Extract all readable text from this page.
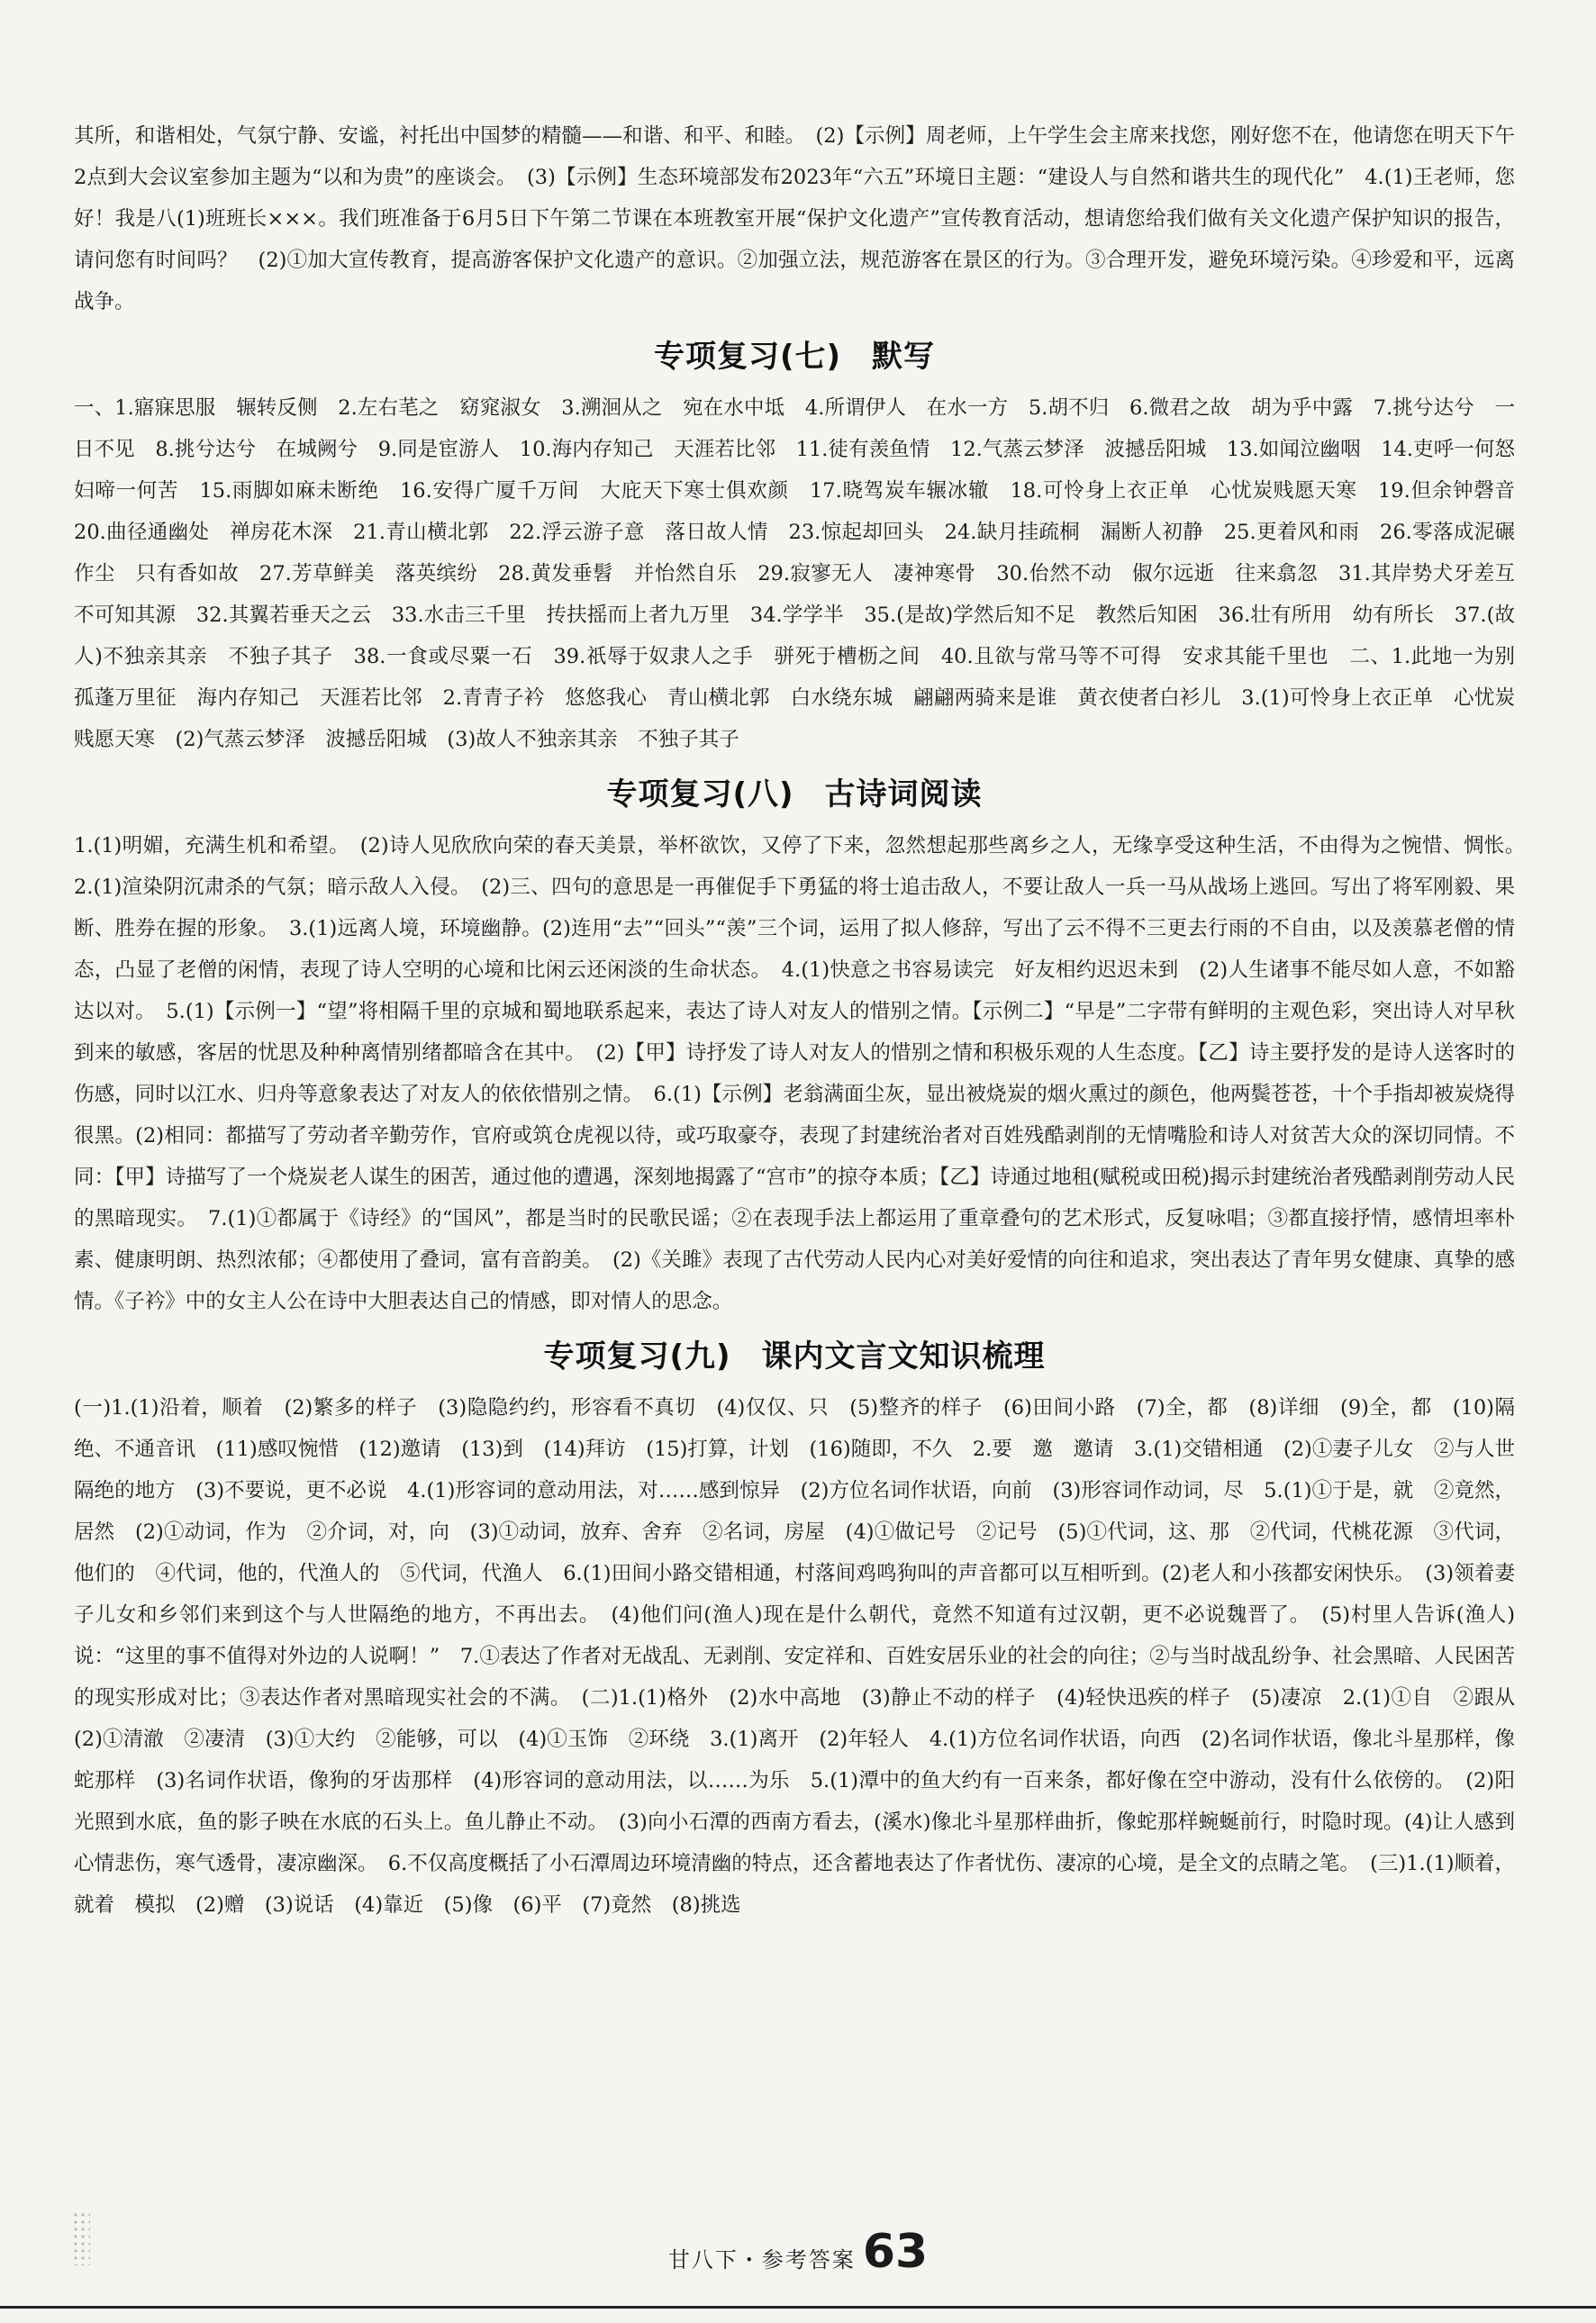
其所，和谐相处，气氛宁静、安谧，衬托出中国梦的精髓——和谐、和平、和睦。　(2)【示例】周老师，上午学生会主席来找您，刚好您不在，他请您在明天下午2点到大会议室参加主题为“以和为贵”的座谈会。　(3)【示例】生态环境部发布2023年“六五”环境日主题：“建设人与自然和谐共生的现代化”　4.(1)王老师，您好！我是八(1)班班长×××。我们班准备于6月5日下午第二节课在本班教室开展“保护文化遗产”宣传教育活动，想请您给我们做有关文化遗产保护知识的报告，请问您有时间吗？　(2)①加大宣传教育，提高游客保护文化遗产的意识。②加强立法，规范游客在景区的行为。③合理开发，避免环境污染。④珍爱和平，远离战争。

专项复习(七) 默写

一、1.寤寐思服　辗转反侧　2.左右芼之　窈窕淑女　3.溯洄从之　宛在水中坻　4.所谓伊人　在水一方　5.胡不归　6.微君之故　胡为乎中露　7.挑兮达兮　一日不见　8.挑兮达兮　在城阙兮　9.同是宦游人　10.海内存知己　天涯若比邻　11.徒有羡鱼情　12.气蒸云梦泽　波撼岳阳城　13.如闻泣幽咽　14.吏呼一何怒　妇啼一何苦　15.雨脚如麻未断绝　16.安得广厦千万间　大庇天下寒士俱欢颜　17.晓驾炭车辗冰辙　18.可怜身上衣正单　心忧炭贱愿天寒　19.但余钟磬音　20.曲径通幽处　禅房花木深　21.青山横北郭　22.浮云游子意　落日故人情　23.惊起却回头　24.缺月挂疏桐　漏断人初静　25.更着风和雨　26.零落成泥碾作尘　只有香如故　27.芳草鲜美　落英缤纷　28.黄发垂髫　并怡然自乐　29.寂寥无人　凄神寒骨　30.佁然不动　俶尔远逝　往来翕忽　31.其岸势犬牙差互　不可知其源　32.其翼若垂天之云　33.水击三千里　抟扶摇而上者九万里　34.学学半　35.(是故)学然后知不足　教然后知困　36.壮有所用　幼有所长　37.(故人)不独亲其亲　不独子其子　38.一食或尽粟一石　39.祇辱于奴隶人之手　骈死于槽枥之间　40.且欲与常马等不可得　安求其能千里也　二、1.此地一为别　孤蓬万里征　海内存知己　天涯若比邻　2.青青子衿　悠悠我心　青山横北郭　白水绕东城　翩翩两骑来是谁　黄衣使者白衫儿　3.(1)可怜身上衣正单　心忧炭贱愿天寒　(2)气蒸云梦泽　波撼岳阳城　(3)故人不独亲其亲　不独子其子

专项复习(八) 古诗词阅读

1.(1)明媚，充满生机和希望。　(2)诗人见欣欣向荣的春天美景，举杯欲饮，又停了下来，忽然想起那些离乡之人，无缘享受这种生活，不由得为之惋惜、惆怅。　2.(1)渲染阴沉肃杀的气氛；暗示敌人入侵。　(2)三、四句的意思是一再催促手下勇猛的将士追击敌人，不要让敌人一兵一马从战场上逃回。写出了将军刚毅、果断、胜券在握的形象。　3.(1)远离人境，环境幽静。(2)连用“去”“回头”“羡”三个词，运用了拟人修辞，写出了云不得不三更去行雨的不自由，以及羡慕老僧的情态，凸显了老僧的闲情，表现了诗人空明的心境和比闲云还闲淡的生命状态。　4.(1)快意之书容易读完　好友相约迟迟未到　(2)人生诸事不能尽如人意，不如豁达以对。　5.(1)【示例一】“望”将相隔千里的京城和蜀地联系起来，表达了诗人对友人的惜别之情。【示例二】“早是”二字带有鲜明的主观色彩，突出诗人对早秋到来的敏感，客居的忧思及种种离情别绪都暗含在其中。　(2)【甲】诗抒发了诗人对友人的惜别之情和积极乐观的人生态度。【乙】诗主要抒发的是诗人送客时的伤感，同时以江水、归舟等意象表达了对友人的依依惜别之情。　6.(1)【示例】老翁满面尘灰，显出被烧炭的烟火熏过的颜色，他两鬓苍苍，十个手指却被炭烧得很黑。(2)相同：都描写了劳动者辛勤劳作，官府或筑仓虎视以待，或巧取豪夺，表现了封建统治者对百姓残酷剥削的无情嘴脸和诗人对贫苦大众的深切同情。不同：【甲】诗描写了一个烧炭老人谋生的困苦，通过他的遭遇，深刻地揭露了“宫市”的掠夺本质；【乙】诗通过地租(赋税或田税)揭示封建统治者残酷剥削劳动人民的黑暗现实。　7.(1)①都属于《诗经》的“国风”，都是当时的民歌民谣；②在表现手法上都运用了重章叠句的艺术形式，反复咏唱；③都直接抒情，感情坦率朴素、健康明朗、热烈浓郁；④都使用了叠词，富有音韵美。　(2)《关雎》表现了古代劳动人民内心对美好爱情的向往和追求，突出表达了青年男女健康、真挚的感情。《子衿》中的女主人公在诗中大胆表达自己的情感，即对情人的思念。

专项复习(九) 课内文言文知识梳理

(一)1.(1)沿着，顺着　(2)繁多的样子　(3)隐隐约约，形容看不真切　(4)仅仅、只　(5)整齐的样子　(6)田间小路　(7)全，都　(8)详细　(9)全，都　(10)隔绝、不通音讯　(11)感叹惋惜　(12)邀请　(13)到　(14)拜访　(15)打算，计划　(16)随即，不久　2.要　邀　邀请　3.(1)交错相通　(2)①妻子儿女　②与人世隔绝的地方　(3)不要说，更不必说　4.(1)形容词的意动用法，对……感到惊异　(2)方位名词作状语，向前　(3)形容词作动词，尽　5.(1)①于是，就　②竟然，居然　(2)①动词，作为　②介词，对，向　(3)①动词，放弃、舍弃　②名词，房屋　(4)①做记号　②记号　(5)①代词，这、那　②代词，代桃花源　③代词，他们的　④代词，他的，代渔人的　⑤代词，代渔人　6.(1)田间小路交错相通，村落间鸡鸣狗叫的声音都可以互相听到。(2)老人和小孩都安闲快乐。　(3)领着妻子儿女和乡邻们来到这个与人世隔绝的地方，不再出去。　(4)他们问(渔人)现在是什么朝代，竟然不知道有过汉朝，更不必说魏晋了。　(5)村里人告诉(渔人)说：“这里的事不值得对外边的人说啊！”　7.①表达了作者对无战乱、无剥削、安定祥和、百姓安居乐业的社会的向往；②与当时战乱纷争、社会黑暗、人民困苦的现实形成对比；③表达作者对黑暗现实社会的不满。　(二)1.(1)格外　(2)水中高地　(3)静止不动的样子　(4)轻快迅疾的样子　(5)凄凉　2.(1)①自　②跟从　(2)①清澈　②凄清　(3)①大约　②能够，可以　(4)①玉饰　②环绕　3.(1)离开　(2)年轻人　4.(1)方位名词作状语，向西　(2)名词作状语，像北斗星那样，像蛇那样　(3)名词作状语，像狗的牙齿那样　(4)形容词的意动用法，以……为乐　5.(1)潭中的鱼大约有一百来条，都好像在空中游动，没有什么依傍的。　(2)阳光照到水底，鱼的影子映在水底的石头上。鱼儿静止不动。　(3)向小石潭的西南方看去，(溪水)像北斗星那样曲折，像蛇那样蜿蜒前行，时隐时现。(4)让人感到心情悲伤，寒气透骨，凄凉幽深。　6.不仅高度概括了小石潭周边环境清幽的特点，还含蓄地表达了作者忧伤、凄凉的心境，是全文的点睛之笔。　(三)1.(1)顺着，就着　模拟　(2)赠　(3)说话　(4)靠近　(5)像　(6)平　(7)竟然　(8)挑选

甘八下・参考答案 63
